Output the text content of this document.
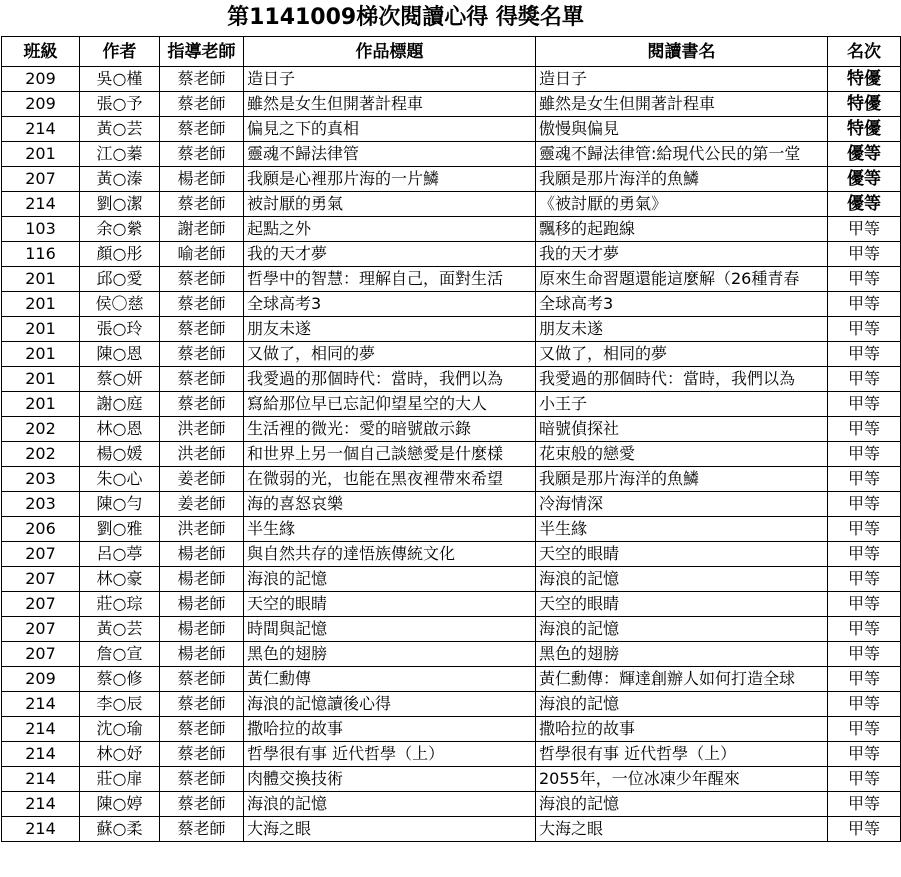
第1141009梯次閱讀心得 得獎名單
班級	作者	指導老師	作品標題	閱讀書名	名次
209	吳○槿	蔡老師	造日子	造日子	特優
209	張○予	蔡老師	雖然是女生但開著計程車	雖然是女生但開著計程車	特優
214	黃○芸	蔡老師	偏見之下的真相	傲慢與偏見	特優
201	江○蓁	蔡老師	靈魂不歸法律管	靈魂不歸法律管:給現代公民的第一堂	優等
207	黃○溱	楊老師	我願是心裡那片海的一片鱗	我願是那片海洋的魚鱗	優等
214	劉○潔	蔡老師	被討厭的勇氣	《被討厭的勇氣》	優等
103	余○縈	謝老師	起點之外	飄移的起跑線	甲等
116	顏○彤	喻老師	我的天才夢	我的天才夢	甲等
201	邱○愛	蔡老師	哲學中的智慧：理解自己，面對生活	原來生命習題還能這麼解（26種青春	甲等
201	侯〇慈	蔡老師	全球高考3	全球高考3	甲等
201	張○玲	蔡老師	朋友未遂	朋友未遂	甲等
201	陳○恩	蔡老師	又做了，相同的夢	又做了，相同的夢	甲等
201	蔡○妍	蔡老師	我愛過的那個時代：當時，我們以為	我愛過的那個時代：當時，我們以為	甲等
201	謝○庭	蔡老師	寫給那位早已忘記仰望星空的大人	小王子	甲等
202	林○恩	洪老師	生活裡的微光：愛的暗號啟示錄	暗號偵探社	甲等
202	楊○媛	洪老師	和世界上另一個自己談戀愛是什麼樣	花束般的戀愛	甲等
203	朱○心	姜老師	在微弱的光，也能在黑夜裡帶來希望	我願是那片海洋的魚鱗	甲等
203	陳○勻	姜老師	海的喜怒哀樂	冷海情深	甲等
206	劉○雅	洪老師	半生緣	半生緣	甲等
207	呂○葶	楊老師	與自然共存的達悟族傳統文化	天空的眼睛	甲等
207	林○豪	楊老師	海浪的記憶	海浪的記憶	甲等
207	莊○琮	楊老師	天空的眼睛	天空的眼睛	甲等
207	黃○芸	楊老師	時間與記憶	海浪的記憶	甲等
207	詹○宣	楊老師	黑色的翅膀	黑色的翅膀	甲等
209	蔡○修	蔡老師	黃仁勳傳	黃仁勳傳：輝達創辦人如何打造全球	甲等
214	李○辰	蔡老師	海浪的記憶讀後心得	海浪的記憶	甲等
214	沈○瑜	蔡老師	撒哈拉的故事	撒哈拉的故事	甲等
214	林○妤	蔡老師	哲學很有事 近代哲學（上）	哲學很有事 近代哲學（上）	甲等
214	莊○扉	蔡老師	肉體交換技術	2055年，一位冰凍少年醒來	甲等
214	陳○婷	蔡老師	海浪的記憶	海浪的記憶	甲等
214	蘇○柔	蔡老師	大海之眼	大海之眼	甲等
